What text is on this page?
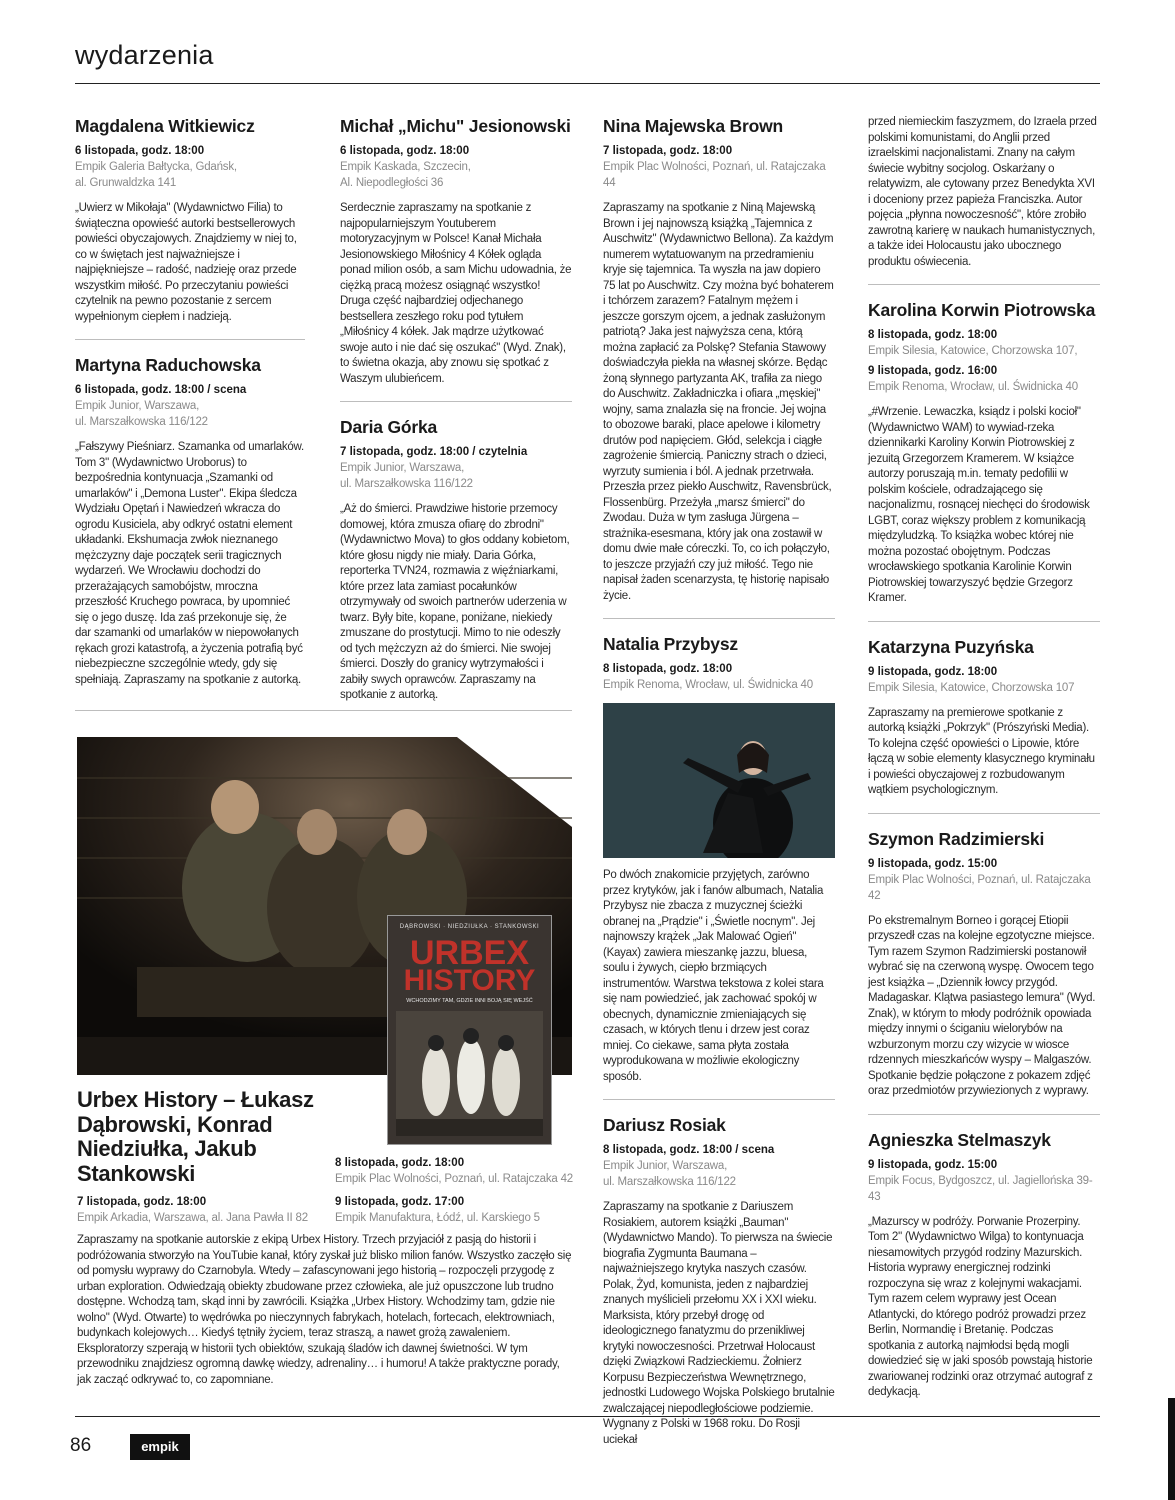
wydarzenia
Magdalena Witkiewicz
6 listopada, godz. 18:00
Empik Galeria Bałtycka, Gdańsk,
al. Grunwaldzka 141
„Uwierz w Mikołaja" (Wydawnictwo Filia) to świąteczna opowieść autorki bestsellerowych powieści obyczajowych. Znajdziemy w niej to, co w świętach jest najważniejsze i najpiękniejsze – radość, nadzieję oraz przede wszystkim miłość. Po przeczytaniu powieści czytelnik na pewno pozostanie z sercem wypełnionym ciepłem i nadzieją.
Martyna Raduchowska
6 listopada, godz. 18:00 / scena
Empik Junior, Warszawa,
ul. Marszałkowska 116/122
„Fałszywy Pieśniarz. Szamanka od umarlaków. Tom 3" (Wydawnictwo Uroborus) to bezpośrednia kontynuacja „Szamanki od umarlaków" i „Demona Luster". Ekipa śledcza Wydziału Opętań i Nawiedzeń wkracza do ogrodu Kusiciela, aby odkryć ostatni element układanki. Ekshumacja zwłok nieznanego mężczyzny daje początek serii tragicznych wydarzeń. We Wrocławiu dochodzi do przerażających samobójstw, mroczna przeszłość Kruchego powraca, by upomnieć się o jego duszę. Ida zaś przekonuje się, że dar szamanki od umarlaków w niepowołanych rękach grozi katastrofą, a życzenia potrafią być niebezpieczne szczególnie wtedy, gdy się spełniają. Zapraszamy na spotkanie z autorką.
Michał „Michu" Jesionowski
6 listopada, godz. 18:00
Empik Kaskada, Szczecin,
Al. Niepodległości 36
Serdecznie zapraszamy na spotkanie z najpopularniejszym Youtuberem motoryzacyjnym w Polsce! Kanał Michała Jesionowskiego Miłośnicy 4 Kółek ogląda ponad milion osób, a sam Michu udowadnia, że ciężką pracą możesz osiągnąć wszystko! Druga część najbardziej odjechanego bestsellera zeszłego roku pod tytułem „Miłośnicy 4 kółek. Jak mądrze użytkować swoje auto i nie dać się oszukać" (Wyd. Znak), to świetna okazja, aby znowu się spotkać z Waszym ulubieńcem.
Daria Górka
7 listopada, godz. 18:00 / czytelnia
Empik Junior, Warszawa,
ul. Marszałkowska 116/122
„Aż do śmierci. Prawdziwe historie przemocy domowej, która zmusza ofiarę do zbrodni" (Wydawnictwo Mova) to głos oddany kobietom, które głosu nigdy nie miały. Daria Górka, reporterka TVN24, rozmawia z więźniarkami, które przez lata zamiast pocałunków otrzymywały od swoich partnerów uderzenia w twarz. Były bite, kopane, poniżane, niekiedy zmuszane do prostytucji. Mimo to nie odeszły od tych mężczyzn aż do śmierci. Nie swojej śmierci. Doszły do granicy wytrzymałości i zabiły swych oprawców. Zapraszamy na spotkanie z autorką.
DĄBROWSKI · NIEDZIUŁKA · STANKOWSKI
URBEX
HISTORY
WCHODZIMY TAM, GDZIE INNI BOJĄ SIĘ WEJŚĆ
Urbex History – Łukasz Dąbrowski, Konrad Niedziułka, Jakub Stankowski
7 listopada, godz. 18:00
Empik Arkadia, Warszawa, al. Jana Pawła II 82
8 listopada, godz. 18:00
Empik Plac Wolności, Poznań, ul. Ratajczaka 42
9 listopada, godz. 17:00
Empik Manufaktura, Łódź, ul. Karskiego 5
Zapraszamy na spotkanie autorskie z ekipą Urbex History. Trzech przyjaciół z pasją do historii i podróżowania stworzyło na YouTubie kanał, który zyskał już blisko milion fanów. Wszystko zaczęło się od pomysłu wyprawy do Czarnobyla. Wtedy – zafascynowani jego historią – rozpoczęli przygodę z urban exploration. Odwiedzają obiekty zbudowane przez człowieka, ale już opuszczone lub trudno dostępne. Wchodzą tam, skąd inni by zawrócili. Książka „Urbex History. Wchodzimy tam, gdzie nie wolno" (Wyd. Otwarte) to wędrówka po nieczynnych fabrykach, hotelach, fortecach, elektrowniach, budynkach kolejowych… Kiedyś tętniły życiem, teraz straszą, a nawet grożą zawaleniem. Eksploratorzy szperają w historii tych obiektów, szukają śladów ich dawnej świetności. W tym przewodniku znajdziesz ogromną dawkę wiedzy, adrenaliny… i humoru! A także praktyczne porady, jak zacząć odkrywać to, co zapomniane.
Nina Majewska Brown
7 listopada, godz. 18:00
Empik Plac Wolności, Poznań, ul. Ratajczaka 44
Zapraszamy na spotkanie z Niną Majewską Brown i jej najnowszą książką „Tajemnica z Auschwitz" (Wydawnictwo Bellona). Za każdym numerem wytatuowanym na przedramieniu kryje się tajemnica. Ta wyszła na jaw dopiero 75 lat po Auschwitz. Czy można być bohaterem i tchórzem zarazem? Fatalnym mężem i jeszcze gorszym ojcem, a jednak zasłużonym patriotą? Jaka jest najwyższa cena, którą można zapłacić za Polskę? Stefania Stawowy doświadczyła piekła na własnej skórze. Będąc żoną słynnego partyzanta AK, trafiła za niego do Auschwitz. Zakładniczka i ofiara „męskiej" wojny, sama znalazła się na froncie. Jej wojna to obozowe baraki, place apelowe i kilometry drutów pod napięciem. Głód, selekcja i ciągłe zagrożenie śmiercią. Paniczny strach o dzieci, wyrzuty sumienia i ból. A jednak przetrwała. Przeszła przez piekło Auschwitz, Ravensbrück, Flossenbürg. Przeżyła „marsz śmierci" do Zwodau. Duża w tym zasługa Jürgena – strażnika-esesmana, który jak ona zostawił w domu dwie małe córeczki. To, co ich połączyło, to jeszcze przyjaźń czy już miłość. Tego nie napisał żaden scenarzysta, tę historię napisało życie.
Natalia Przybysz
8 listopada, godz. 18:00
Empik Renoma, Wrocław, ul. Świdnicka 40
Po dwóch znakomicie przyjętych, zarówno przez krytyków, jak i fanów albumach, Natalia Przybysz nie zbacza z muzycznej ścieżki obranej na „Prądzie" i „Świetle nocnym". Jej najnowszy krążek „Jak Malować Ogień" (Kayax) zawiera mieszankę jazzu, bluesa, soulu i żywych, ciepło brzmiących instrumentów. Warstwa tekstowa z kolei stara się nam powiedzieć, jak zachować spokój w obecnych, dynamicznie zmieniających się czasach, w których tlenu i drzew jest coraz mniej. Co ciekawe, sama płyta została wyprodukowana w możliwie ekologiczny sposób.
Dariusz Rosiak
8 listopada, godz. 18:00 / scena
Empik Junior, Warszawa,
ul. Marszałkowska 116/122
Zapraszamy na spotkanie z Dariuszem Rosiakiem, autorem książki „Bauman" (Wydawnictwo Mando). To pierwsza na świecie biografia Zygmunta Baumana – najważniejszego krytyka naszych czasów. Polak, Żyd, komunista, jeden z najbardziej znanych myślicieli przełomu XX i XXI wieku. Marksista, który przebył drogę od ideologicznego fanatyzmu do przenikliwej krytyki nowoczesności. Przetrwał Holocaust dzięki Związkowi Radzieckiemu. Żołnierz Korpusu Bezpieczeństwa Wewnętrznego, jednostki Ludowego Wojska Polskiego brutalnie zwalczającej niepodległościowe podziemie. Wygnany z Polski w 1968 roku. Do Rosji uciekał
przed niemieckim faszyzmem, do Izraela przed polskimi komunistami, do Anglii przed izraelskimi nacjonalistami. Znany na całym świecie wybitny socjolog. Oskarżany o relatywizm, ale cytowany przez Benedykta XVI i doceniony przez papieża Franciszka. Autor pojęcia „płynna nowoczesność", które zrobiło zawrotną karierę w naukach humanistycznych, a także idei Holocaustu jako ubocznego produktu oświecenia.
Karolina Korwin Piotrowska
8 listopada, godz. 18:00
Empik Silesia, Katowice, Chorzowska 107,
9 listopada, godz. 16:00
Empik Renoma, Wrocław, ul. Świdnicka 40
„#Wrzenie. Lewaczka, ksiądz i polski kocioł" (Wydawnictwo WAM) to wywiad-rzeka dziennikarki Karoliny Korwin Piotrowskiej z jezuitą Grzegorzem Kramerem. W książce autorzy poruszają m.in. tematy pedofilii w polskim kościele, odradzającego się nacjonalizmu, rosnącej niechęci do środowisk LGBT, coraz większy problem z komunikacją międzyludzką. To książka wobec której nie można pozostać obojętnym. Podczas wrocławskiego spotkania Karolinie Korwin Piotrowskiej towarzyszyć będzie Grzegorz Kramer.
Katarzyna Puzyńska
9 listopada, godz. 18:00
Empik Silesia, Katowice, Chorzowska 107
Zapraszamy na premierowe spotkanie z autorką książki „Pokrzyk" (Prószyński Media). To kolejna część opowieści o Lipowie, które łączą w sobie elementy klasycznego kryminału i powieści obyczajowej z rozbudowanym wątkiem psychologicznym.
Szymon Radzimierski
9 listopada, godz. 15:00
Empik Plac Wolności, Poznań, ul. Ratajczaka 42
Po ekstremalnym Borneo i gorącej Etiopii przyszedł czas na kolejne egzotyczne miejsce. Tym razem Szymon Radzimierski postanowił wybrać się na czerwoną wyspę. Owocem tego jest książka – „Dziennik łowcy przygód. Madagaskar. Klątwa pasiastego lemura" (Wyd. Znak), w którym to młody podróżnik opowiada między innymi o ściganiu wielorybów na wzburzonym morzu czy wizycie w wiosce rdzennych mieszkańców wyspy – Malgaszów. Spotkanie będzie połączone z pokazem zdjęć oraz przedmiotów przywiezionych z wyprawy.
Agnieszka Stelmaszyk
9 listopada, godz. 15:00
Empik Focus, Bydgoszcz, ul. Jagiellońska 39-43
„Mazurscy w podróży. Porwanie Prozerpiny. Tom 2" (Wydawnictwo Wilga) to kontynuacja niesamowitych przygód rodziny Mazurskich. Historia wyprawy energicznej rodzinki rozpoczyna się wraz z kolejnymi wakacjami. Tym razem celem wyprawy jest Ocean Atlantycki, do którego podróż prowadzi przez Berlin, Normandię i Bretanię. Podczas spotkania z autorką najmłodsi będą mogli dowiedzieć się w jaki sposób powstają historie zwariowanej rodzinki oraz otrzymać autograf z dedykacją.
86	empik
